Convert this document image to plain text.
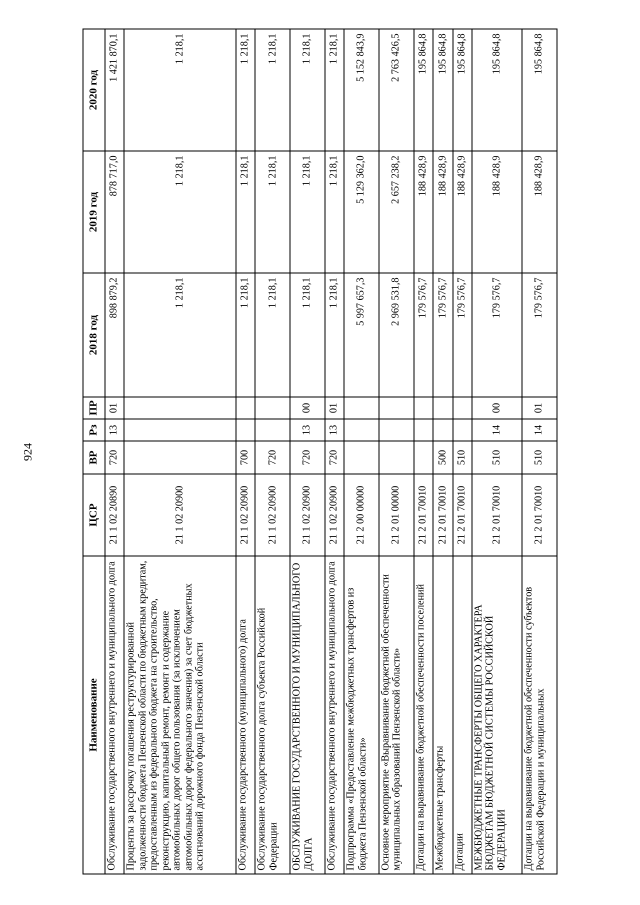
924
Наименование	ЦСР	ВР	Рз	ПР	2018 год	2019 год	2020 год
Обслуживание государственного внутреннего и муниципального долга	21 1 02 20890	720	13	01	898 879,2	878 717,0	1 421 870,1
Проценты за рассрочку погашения реструктурированной задолженности бюджета Пензенской области по бюджетным кредитам, предоставленным из федерального бюджета на строительство, реконструкцию, капитальный ремонт, ремонт и содержание автомобильных дорог общего пользования (за исключением автомобильных дорог федерального значения) за счет бюджетных ассигнований дорожного фонда Пензенской области	21 1 02 20900				1 218,1	1 218,1	1 218,1
Обслуживание государственного (муниципального) долга	21 1 02 20900	700			1 218,1	1 218,1	1 218,1
Обслуживание государственного долга субъекта Российской Федерации	21 1 02 20900	720			1 218,1	1 218,1	1 218,1
ОБСЛУЖИВАНИЕ ГОСУДАРСТВЕННОГО И МУНИЦИПАЛЬНОГО ДОЛГА	21 1 02 20900	720	13	00	1 218,1	1 218,1	1 218,1
Обслуживание государственного внутреннего и муниципального долга	21 1 02 20900	720	13	01	1 218,1	1 218,1	1 218,1
Подпрограмма «Предоставление межбюджетных трансфертов из бюджета Пензенской области»	21 2 00 00000				5 997 657,3	5 129 362,0	5 152 843,9
Основное мероприятие «Выравнивание бюджетной обеспеченности муниципальных образований Пензенской области»	21 2 01 00000				2 969 531,8	2 657 238,2	2 763 426,5
Дотации на выравнивание бюджетной обеспеченности поселений	21 2 01 70010				179 576,7	188 428,9	195 864,8
Межбюджетные трансферты	21 2 01 70010	500			179 576,7	188 428,9	195 864,8
Дотации	21 2 01 70010	510			179 576,7	188 428,9	195 864,8
МЕЖБЮДЖЕТНЫЕ ТРАНСФЕРТЫ ОБЩЕГО ХАРАКТЕРА БЮДЖЕТАМ БЮДЖЕТНОЙ СИСТЕМЫ РОССИЙСКОЙ ФЕДЕРАЦИИ	21 2 01 70010	510	14	00	179 576,7	188 428,9	195 864,8
Дотации на выравнивание бюджетной обеспеченности субъектов Российской Федерации и муниципальных	21 2 01 70010	510	14	01	179 576,7	188 428,9	195 864,8
